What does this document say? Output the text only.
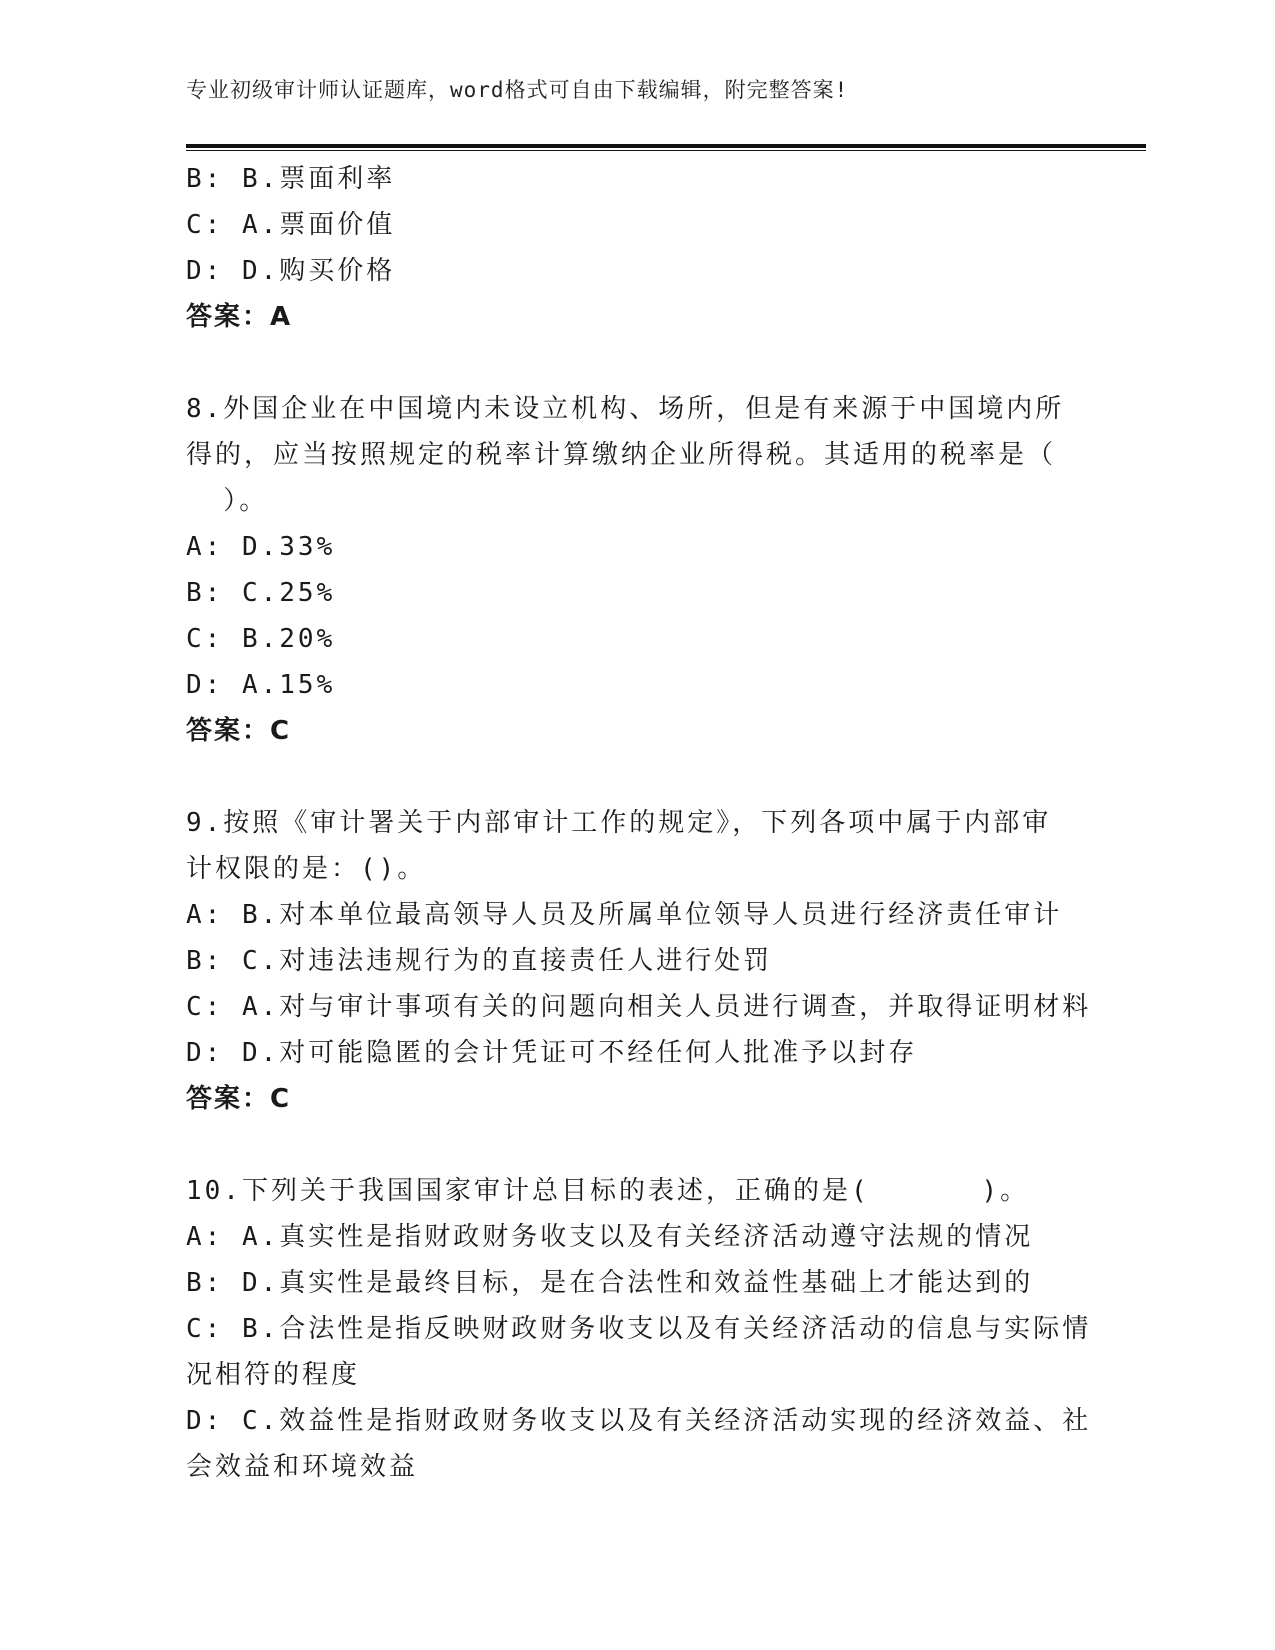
专业初级审计师认证题库，word格式可自由下载编辑，附完整答案!
B: B.票面利率
C: A.票面价值
D: D.购买价格
答案：A
8.外国企业在中国境内未设立机构、场所，但是有来源于中国境内所
得的，应当按照规定的税率计算缴纳企业所得税。其适用的税率是（
）。
A: D.33%
B: C.25%
C: B.20%
D: A.15%
答案：C
9.按照《审计署关于内部审计工作的规定》，下列各项中属于内部审
计权限的是：()。
A: B.对本单位最高领导人员及所属单位领导人员进行经济责任审计
B: C.对违法违规行为的直接责任人进行处罚
C: A.对与审计事项有关的问题向相关人员进行调查，并取得证明材料
D: D.对可能隐匿的会计凭证可不经任何人批准予以封存
答案：C
10.下列关于我国国家审计总目标的表述，正确的是(      )。
A: A.真实性是指财政财务收支以及有关经济活动遵守法规的情况
B: D.真实性是最终目标，是在合法性和效益性基础上才能达到的
C: B.合法性是指反映财政财务收支以及有关经济活动的信息与实际情
况相符的程度
D: C.效益性是指财政财务收支以及有关经济活动实现的经济效益、社
会效益和环境效益
